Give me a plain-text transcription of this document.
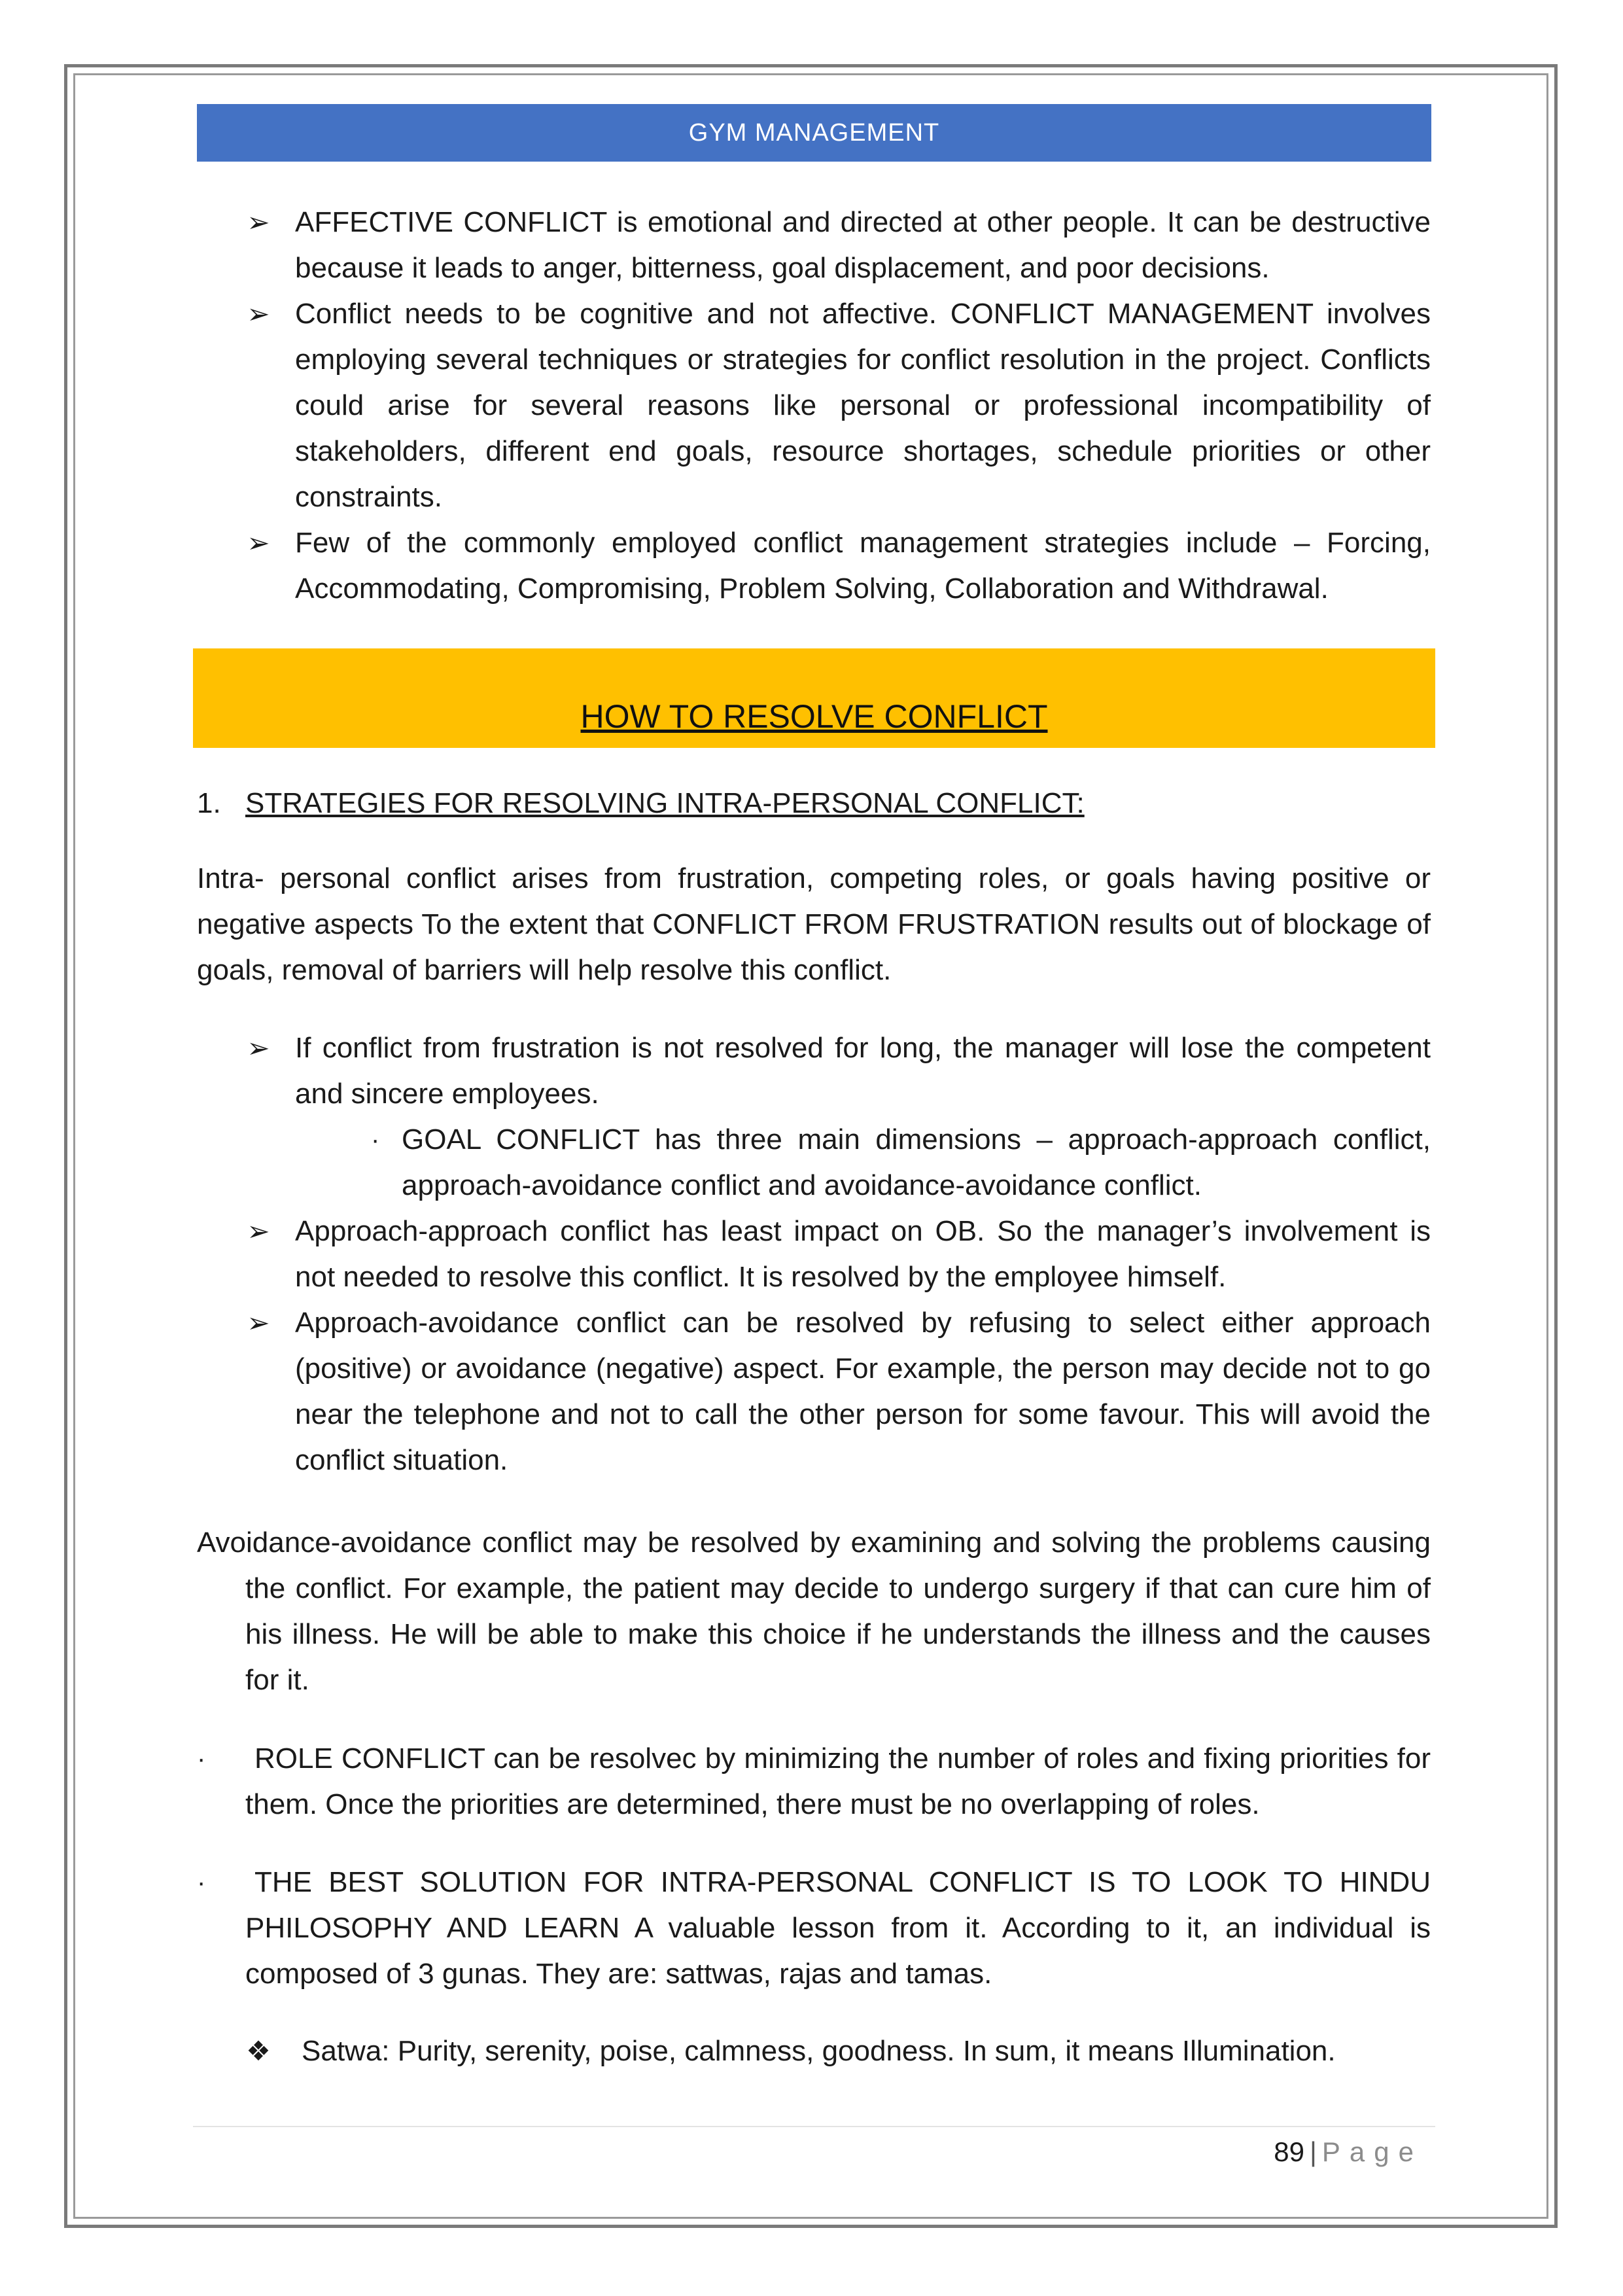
GYM MANAGEMENT
➢ AFFECTIVE CONFLICT is emotional and directed at other people. It can be destructive because it leads to anger, bitterness, goal displacement, and poor decisions.
➢ Conflict needs to be cognitive and not affective. CONFLICT MANAGEMENT involves employing several techniques or strategies for conflict resolution in the project. Conflicts could arise for several reasons like personal or professional incompatibility of stakeholders, different end goals, resource shortages, schedule priorities or other constraints.
➢ Few of the commonly employed conflict management strategies include – Forcing, Accommodating, Compromising, Problem Solving, Collaboration and Withdrawal.
HOW TO RESOLVE CONFLICT
1. STRATEGIES FOR RESOLVING INTRA-PERSONAL CONFLICT:
Intra- personal conflict arises from frustration, competing roles, or goals having positive or negative aspects To the extent that CONFLICT FROM FRUSTRATION results out of blockage of goals, removal of barriers will help resolve this conflict.
➢ If conflict from frustration is not resolved for long, the manager will lose the competent and sincere employees.
· GOAL CONFLICT has three main dimensions – approach-approach conflict, approach-avoidance conflict and avoidance-avoidance conflict.
➢ Approach-approach conflict has least impact on OB. So the manager’s involvement is not needed to resolve this conflict. It is resolved by the employee himself.
➢ Approach-avoidance conflict can be resolved by refusing to select either approach (positive) or avoidance (negative) aspect. For example, the person may decide not to go near the telephone and not to call the other person for some favour. This will avoid the conflict situation.
Avoidance-avoidance conflict may be resolved by examining and solving the problems causing the conflict. For example, the patient may decide to undergo surgery if that can cure him of his illness. He will be able to make this choice if he understands the illness and the causes for it.
·	ROLE CONFLICT can be resolvec by minimizing the number of roles and fixing priorities for them. Once the priorities are determined, there must be no overlapping of roles.
·	THE BEST SOLUTION FOR INTRA-PERSONAL CONFLICT IS TO LOOK TO HINDU PHILOSOPHY AND LEARN A valuable lesson from it. According to it, an individual is composed of 3 gunas. They are: sattwas, rajas and tamas.
❖ Satwa: Purity, serenity, poise, calmness, goodness. In sum, it means Illumination.
89 | Page
